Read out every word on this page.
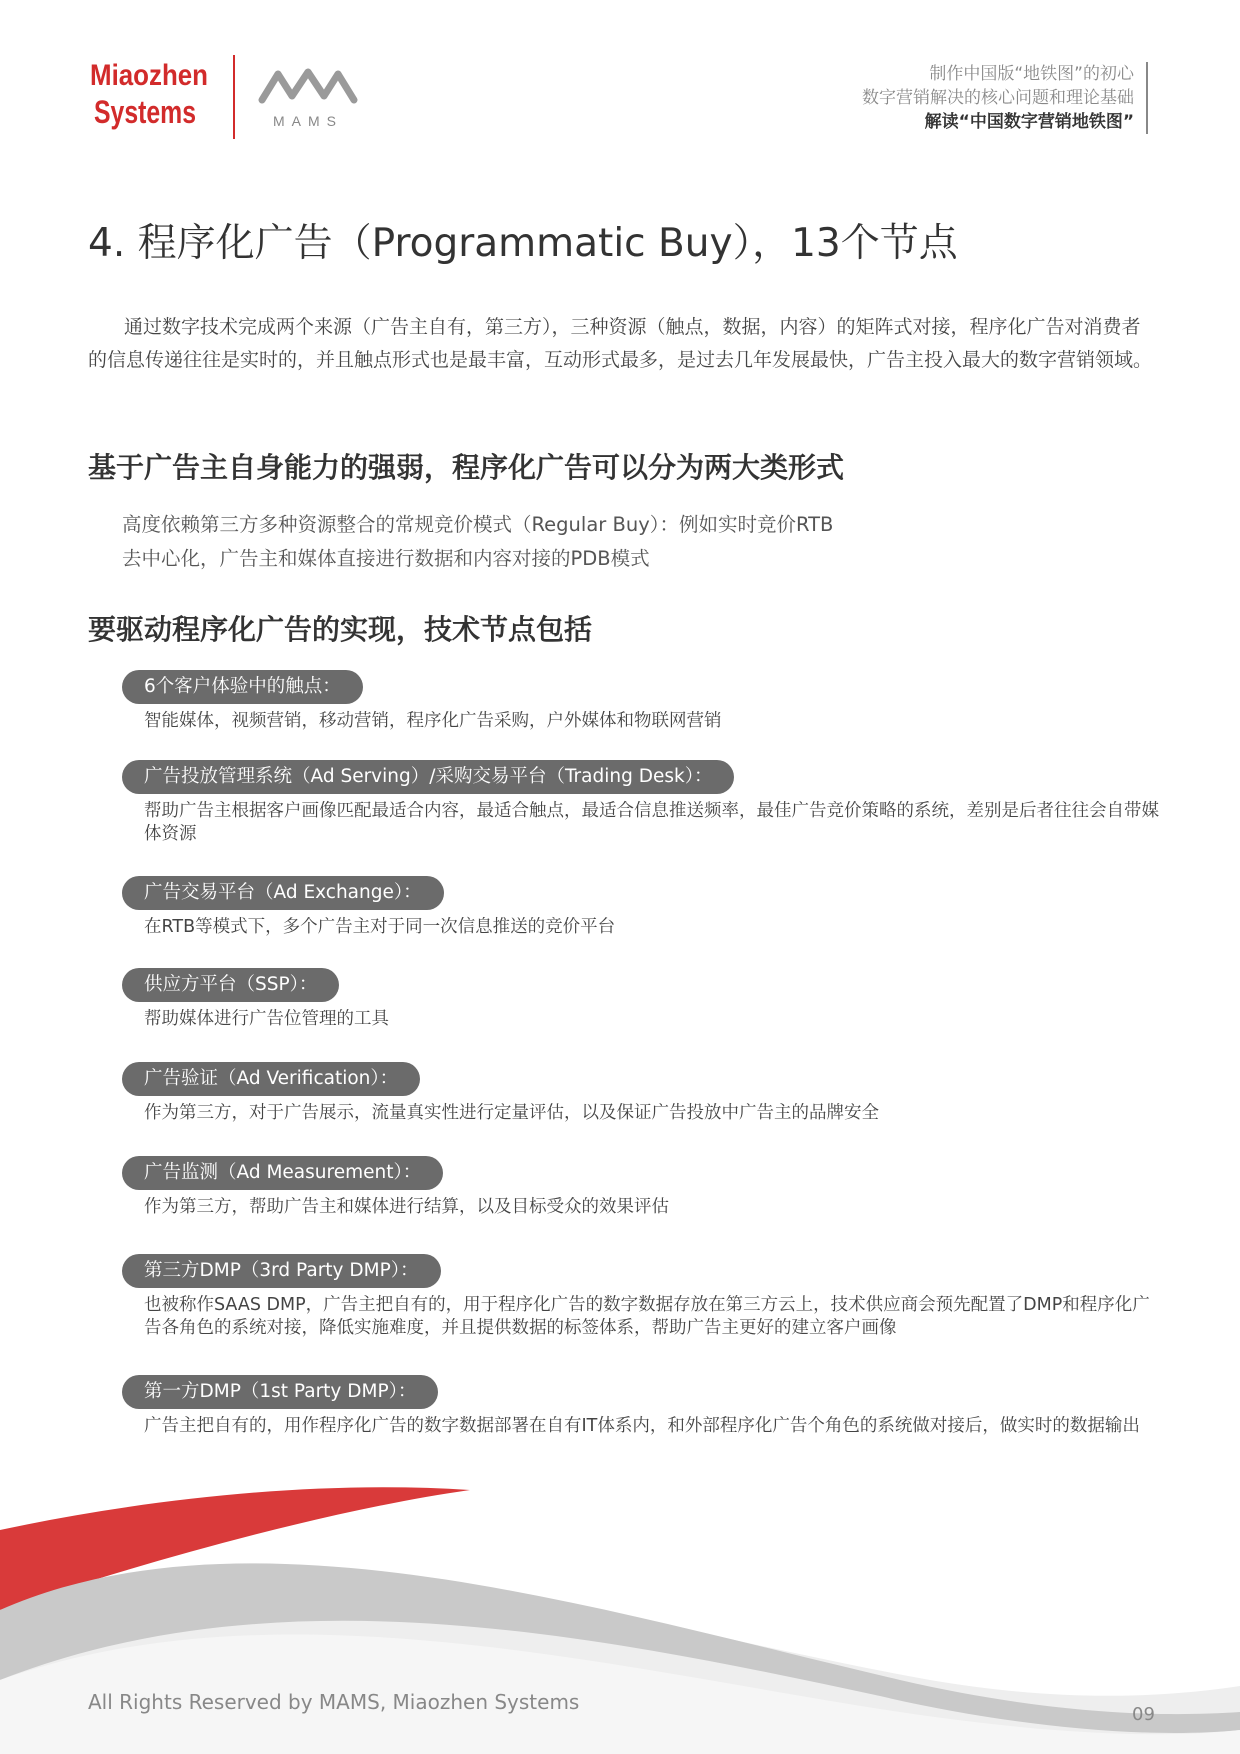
Miaozhen
Systems	MAMS
制作中国版“地铁图”的初心
数字营销解决的核心问题和理论基础
解读“中国数字营销地铁图”
4. 程序化广告（Programmatic Buy），13个节点

通过数字技术完成两个来源（广告主自有，第三方），三种资源（触点，数据，内容）的矩阵式对接，程序化广告对消费者的信息传递往往是实时的，并且触点形式也是最丰富，互动形式最多，是过去几年发展最快，广告主投入最大的数字营销领域。

基于广告主自身能力的强弱，程序化广告可以分为两大类形式
高度依赖第三方多种资源整合的常规竞价模式（Regular Buy）：例如实时竞价RTB
去中心化，广告主和媒体直接进行数据和内容对接的PDB模式
要驱动程序化广告的实现，技术节点包括
6个客户体验中的触点：
智能媒体，视频营销，移动营销，程序化广告采购，户外媒体和物联网营销
广告投放管理系统（Ad Serving）/采购交易平台（Trading Desk）：
帮助广告主根据客户画像匹配最适合内容，最适合触点，最适合信息推送频率，最佳广告竞价策略的系统，差别是后者往往会自带媒体资源
广告交易平台（Ad Exchange）：
在RTB等模式下，多个广告主对于同一次信息推送的竞价平台
供应方平台（SSP）：
帮助媒体进行广告位管理的工具
广告验证（Ad Verification）：
作为第三方，对于广告展示，流量真实性进行定量评估，以及保证广告投放中广告主的品牌安全
广告监测（Ad Measurement）：
作为第三方，帮助广告主和媒体进行结算，以及目标受众的效果评估
第三方DMP（3rd Party DMP）：
也被称作SAAS DMP，广告主把自有的，用于程序化广告的数字数据存放在第三方云上，技术供应商会预先配置了DMP和程序化广告各角色的系统对接，降低实施难度，并且提供数据的标签体系，帮助广告主更好的建立客户画像
第一方DMP（1st Party DMP）：
广告主把自有的，用作程序化广告的数字数据部署在自有IT体系内，和外部程序化广告个角色的系统做对接后，做实时的数据输出
All Rights Reserved by MAMS, Miaozhen Systems
09
